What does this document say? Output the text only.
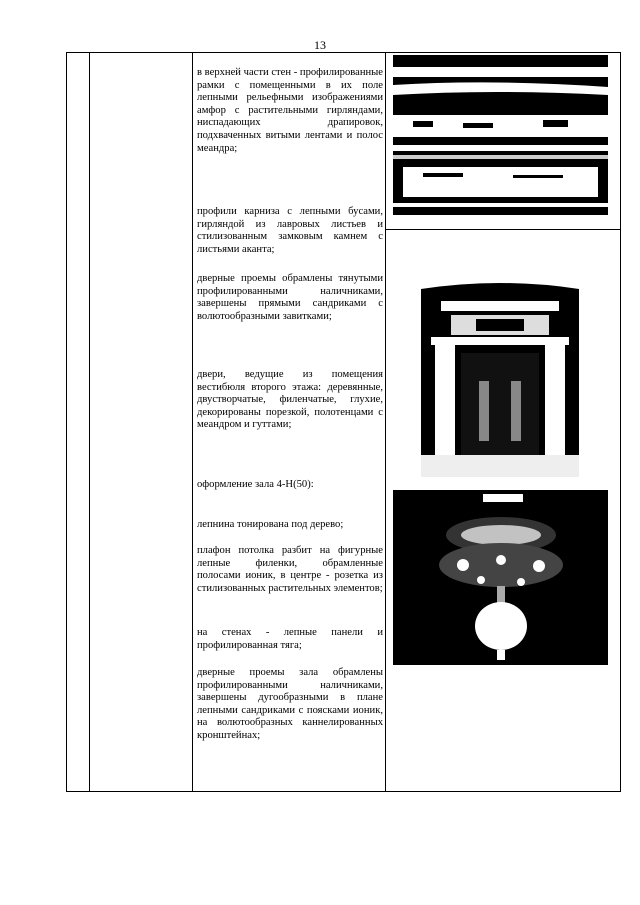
13

в верхней части стен - профилированные рамки с помещенными в их поле лепными рельефными изображениями амфор с растительными гирляндами, ниспадающих драпировок, подхваченных витыми лентами и полос меандра;

профили карниза с лепными бусами, гирляндой из лавровых листьев и стилизованным замковым камнем с листьями аканта;

дверные проемы обрамлены тянутыми профилированными наличниками, завершены прямыми сандриками с волютообразными завитками;

двери, ведущие из помещения вестибюля второго этажа: деревянные, двустворчатые, филенчатые, глухие, декорированы порезкой, полотенцами с меандром и гуттами;

оформление зала 4-Н(50):

лепнина тонирована под дерево;

плафон потолка разбит на фигурные лепные филенки, обрамленные полосами ионик, в центре - розетка из стилизованных растительных элементов;

на стенах - лепные панели и профилированная тяга;

дверные проемы зала обрамлены профилированными наличниками, завершены дугообразными в плане лепными сандриками с поясками ионик, на волютообразных каннелированных кронштейнах;
